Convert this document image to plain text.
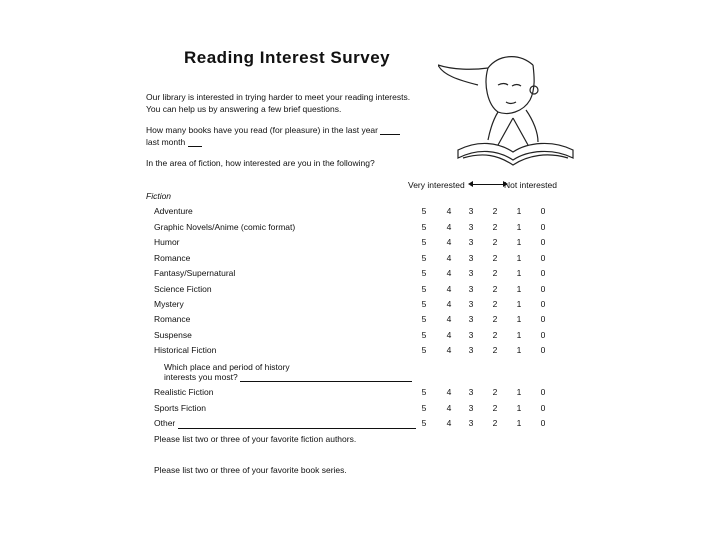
Reading Interest Survey
Our library is interested in trying harder to meet your reading interests.
You can help us by answering a few brief questions.
How many books have you read (for pleasure) in the last year
last month
In the area of fiction, how interested are you in the following?
Very interested	Not interested
Fiction
Adventure	5	4	3	2	1	0
Graphic Novels/Anime (comic format)	5	4	3	2	1	0
Humor	5	4	3	2	1	0
Romance	5	4	3	2	1	0
Fantasy/Supernatural	5	4	3	2	1	0
Science Fiction	5	4	3	2	1	0
Mystery	5	4	3	2	1	0
Romance	5	4	3	2	1	0
Suspense	5	4	3	2	1	0
Historical Fiction	5	4	3	2	1	0
Which place and period of history
interests you most?
Realistic Fiction	5	4	3	2	1	0
Sports Fiction	5	4	3	2	1	0
Other	5	4	3	2	1	0
Please list two or three of your favorite fiction authors.
Please list two or three of your favorite book series.
